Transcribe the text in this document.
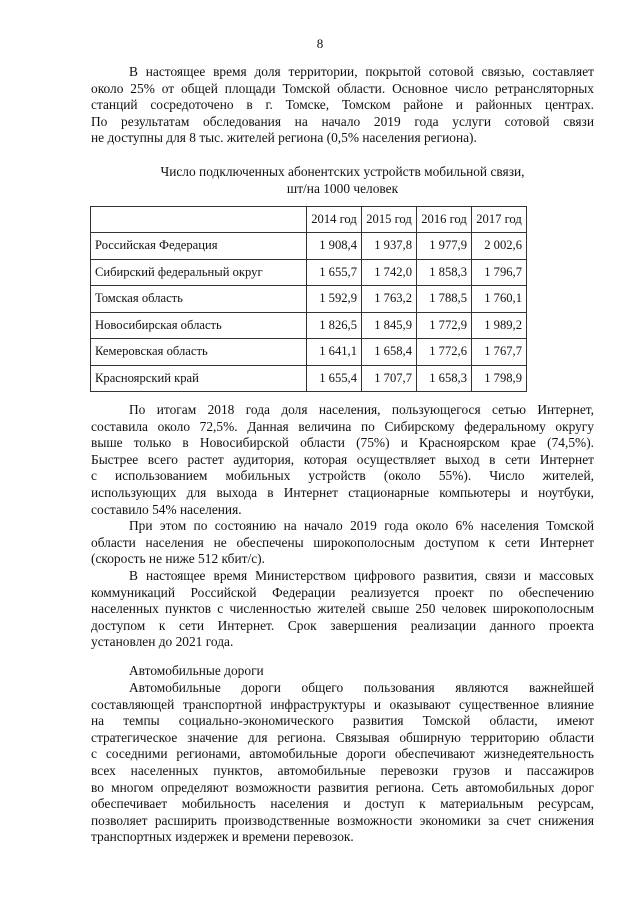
8

В настоящее время доля территории, покрытой сотовой связью, составляет
около 25% от общей площади Томской области. Основное число ретрансляторных
станций сосредоточено в г. Томске, Томском районе и районных центрах.
По результатам обследования на начало 2019 года услуги сотовой связи
не доступны для 8 тыс. жителей региона (0,5% населения региона).

Число подключенных абонентских устройств мобильной связи,
шт/на 1000 человек
	2014 год	2015 год	2016 год	2017 год
Российская Федерация	1 908,4	1 937,8	1 977,9	2 002,6
Сибирский федеральный округ	1 655,7	1 742,0	1 858,3	1 796,7
Томская область	1 592,9	1 763,2	1 788,5	1 760,1
Новосибирская область	1 826,5	1 845,9	1 772,9	1 989,2
Кемеровская область	1 641,1	1 658,4	1 772,6	1 767,7
Красноярский край	1 655,4	1 707,7	1 658,3	1 798,9

По итогам 2018 года доля населения, пользующегося сетью Интернет,
составила около 72,5%. Данная величина по Сибирскому федеральному округу
выше только в Новосибирской области (75%) и Красноярском крае (74,5%).
Быстрее всего растет аудитория, которая осуществляет выход в сети Интернет
с использованием мобильных устройств (около 55%). Число жителей,
использующих для выхода в Интернет стационарные компьютеры и ноутбуки,
составило 54% населения.

При этом по состоянию на начало 2019 года около 6% населения Томской
области населения не обеспечены широкополосным доступом к сети Интернет
(скорость не ниже 512 кбит/с).

В настоящее время Министерством цифрового развития, связи и массовых
коммуникаций Российской Федерации реализуется проект по обеспечению
населенных пунктов с численностью жителей свыше 250 человек широкополосным
доступом к сети Интернет. Срок завершения реализации данного проекта
установлен до 2021 года.

Автомобильные дороги

Автомобильные дороги общего пользования являются важнейшей
составляющей транспортной инфраструктуры и оказывают существенное влияние
на темпы социально-экономического развития Томской области, имеют
стратегическое значение для региона. Связывая обширную территорию области
с соседними регионами, автомобильные дороги обеспечивают жизнедеятельность
всех населенных пунктов, автомобильные перевозки грузов и пассажиров
во многом определяют возможности развития региона. Сеть автомобильных дорог
обеспечивает мобильность населения и доступ к материальным ресурсам,
позволяет расширить производственные возможности экономики за счет снижения
транспортных издержек и времени перевозок.
